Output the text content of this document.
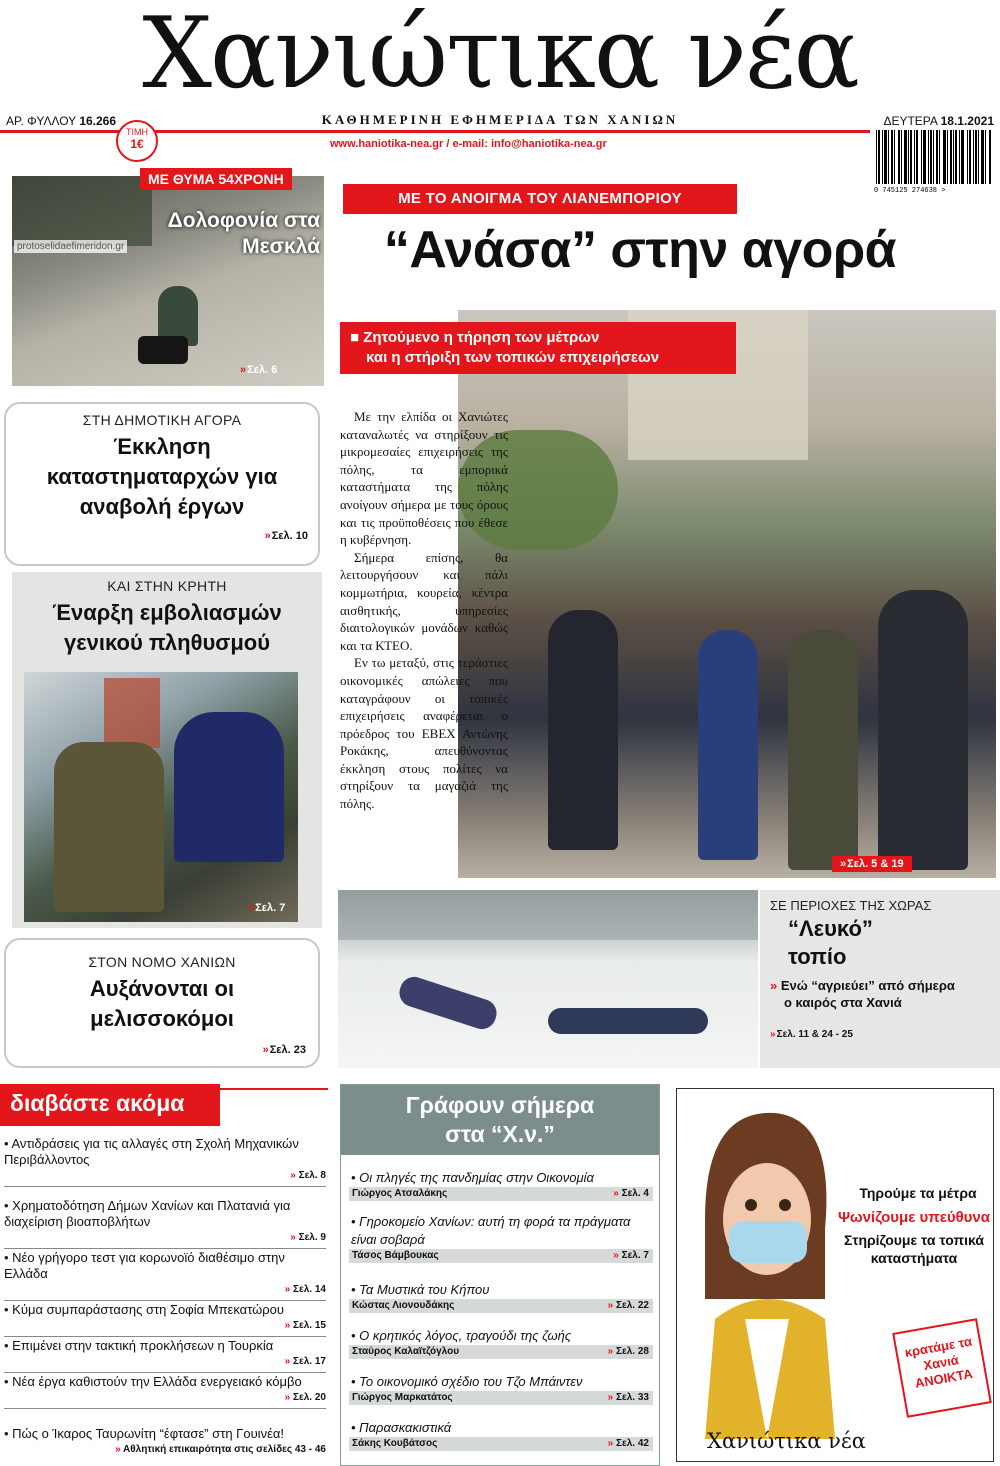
Χανιώτικα νέα
ΑΡ. ΦΥΛΛΟΥ 16.266	ΚΑΘΗΜΕΡΙΝΗ ΕΦΗΜΕΡΙΔΑ ΤΩΝ ΧΑΝΙΩΝ	ΔΕΥΤΕΡΑ 18.1.2021
ΤΙΜΗ
1€	www.haniotika-nea.gr / e-mail: info@haniotika-nea.gr
0 745125 274638 >
ΜΕ ΘΥΜΑ 54ΧΡΟΝΗ
Δολοφονία στα Μεσκλά
protoselidaefimeridon.gr
» Σελ. 6
ΣΤΗ ΔΗΜΟΤΙΚΗ ΑΓΟΡΑ
Έκκληση καταστηματαρχών για αναβολή έργων
» Σελ. 10
ΚΑΙ ΣΤΗΝ ΚΡΗΤΗ
Έναρξη εμβολιασμών γενικού πληθυσμού
» Σελ. 7
ΣΤΟΝ ΝΟΜΟ ΧΑΝΙΩΝ
Αυξάνονται οι μελισσοκόμοι
» Σελ. 23
ΜΕ ΤΟ ΑΝΟΙΓΜΑ ΤΟΥ ΛΙΑΝΕΜΠΟΡΙΟΥ
“Ανάσα” στην αγορά
■ Ζητούμενο η τήρηση των μέτρων
και η στήριξη των τοπικών επιχειρήσεων

Με την ελπίδα οι Χανιώτες καταναλωτές να στηρίξουν τις μικρομεσαίες επιχειρήσεις της πόλης, τα εμπορικά καταστήματα της πόλης ανοίγουν σήμερα με τους όρους και τις προϋποθέσεις που έθεσε η κυβέρνηση.

Σήμερα επίσης, θα λειτουργήσουν και πάλι κομμωτήρια, κουρεία, κέντρα αισθητικής, υπηρεσίες διαιτολογικών μονάδων καθώς και τα ΚΤΕΟ.

Εν τω μεταξύ, στις τεράστιες οικονομικές απώλειες που καταγράφουν οι τοπικές επιχειρήσεις αναφέρεται ο πρόεδρος του ΕΒΕΧ Αντώνης Ροκάκης, απευθύνοντας έκκληση στους πολίτες να στηρίξουν τα μαγαζιά της πόλης.

» Σελ. 5 & 19
ΣΕ ΠΕΡΙΟΧΕΣ ΤΗΣ ΧΩΡΑΣ
“Λευκό”
τοπίο
» Ενώ “αγριεύει” από σήμερα
ο καιρός στα Χανιά
» Σελ. 11 & 24 - 25
διαβάστε ακόμα
• Αντιδράσεις για τις αλλαγές στη Σχολή Μηχανικών Περιβάλλοντος
» Σελ. 8
• Χρηματοδότηση Δήμων Χανίων και Πλατανιά για διαχείριση βιοαποβλήτων
» Σελ. 9
• Νέο γρήγορο τεστ για κορωνοϊό διαθέσιμο στην Ελλάδα
» Σελ. 14
• Κύμα συμπαράστασης στη Σοφία Μπεκατώρου
» Σελ. 15
• Επιμένει στην τακτική προκλήσεων η Τουρκία
» Σελ. 17
• Νέα έργα καθιστούν την Ελλάδα ενεργειακό κόμβο
» Σελ. 20
• Πώς ο Ίκαρος Ταυρωνίτη “έφτασε” στη Γουινέα!
» Αθλητική επικαιρότητα στις σελίδες 43 - 46
Γράφουν σήμερα
στα “Χ.ν.”
• Οι πληγές της πανδημίας στην Οικονομία
Γιώργος Ατσαλάκης	» Σελ. 4
• Γηροκομείο Χανίων: αυτή τη φορά τα πράγματα είναι σοβαρά
Τάσος Βάμβουκας	» Σελ. 7
• Τα Μυστικά του Κήπου
Κώστας Λιονουδάκης	» Σελ. 22
• Ο κρητικός λόγος, τραγούδι της ζωής
Σταύρος Καλαϊτζόγλου	» Σελ. 28
• Το οικονομικό σχέδιο του Τζο Μπάιντεν
Γιώργος Μαρκατάτος	» Σελ. 33
• Παρασκακιστικά
Σάκης Κουβάτσος	» Σελ. 42
Τηρούμε τα μέτρα
Ψωνίζουμε υπεύθυνα
Στηρίζουμε τα τοπικά καταστήματα
κρατάμε τα Χανιά ΑΝΟΙΚΤΑ
Χανιώτικα νέα
